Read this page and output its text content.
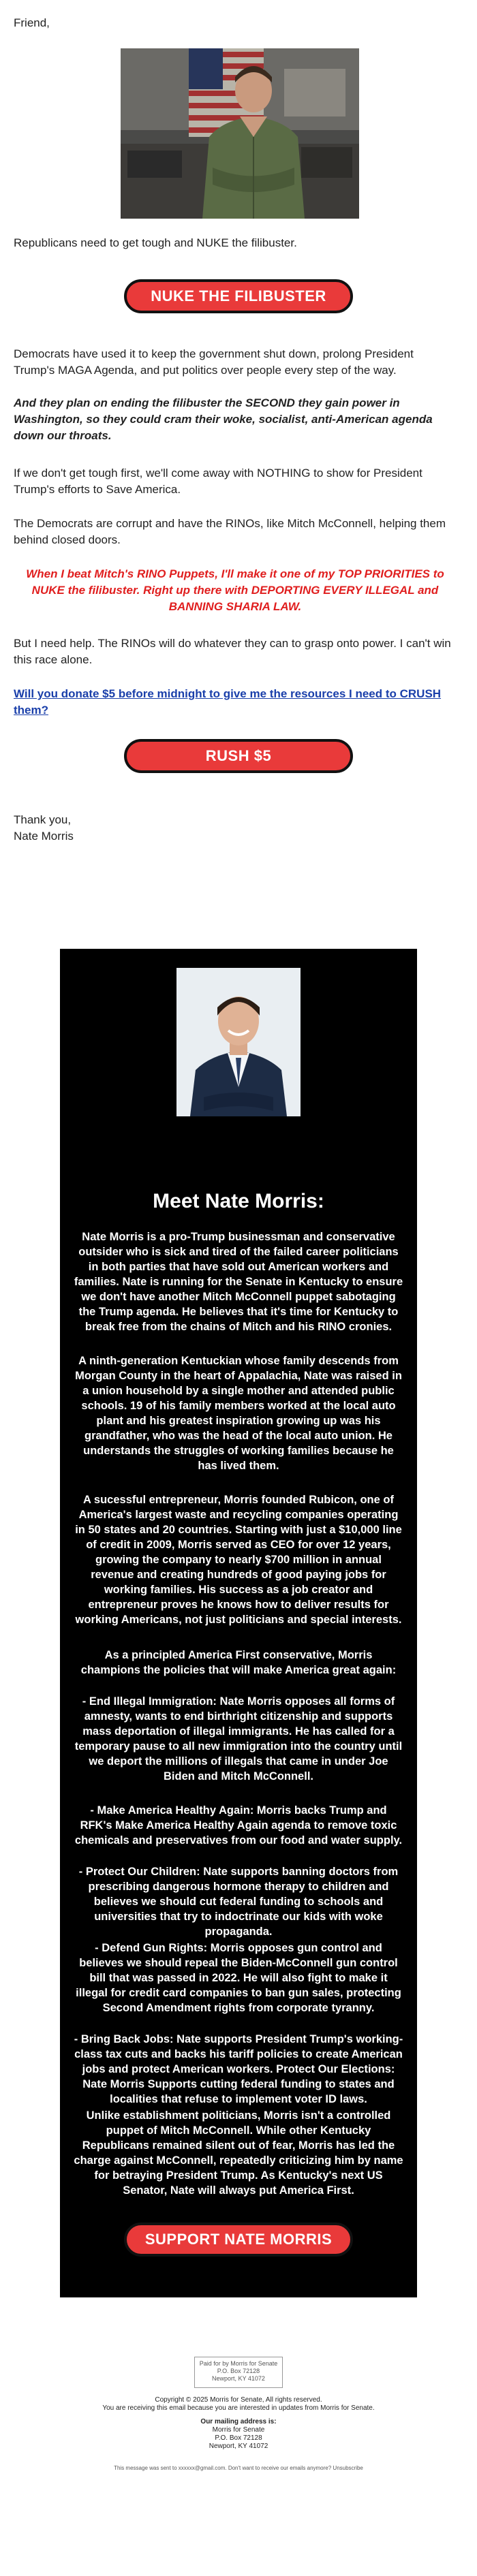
Friend,

Republicans need to get tough and NUKE the filibuster.

NUKE THE FILIBUSTER

Democrats have used it to keep the government shut down, prolong President Trump's MAGA Agenda, and put politics over people every step of the way.

And they plan on ending the filibuster the SECOND they gain power in Washington, so they could cram their woke, socialist, anti-American agenda down our throats.

If we don't get tough first, we'll come away with NOTHING to show for President Trump's efforts to Save America.

The Democrats are corrupt and have the RINOs, like Mitch McConnell, helping them behind closed doors.

When I beat Mitch's RINO Puppets, I'll make it one of my TOP PRIORITIES to NUKE the filibuster. Right up there with DEPORTING EVERY ILLEGAL and BANNING SHARIA LAW.

But I need help. The RINOs will do whatever they can to grasp onto power. I can't win this race alone.

Will you donate $5 before midnight to give me the resources I need to CRUSH them?

RUSH $5

Thank you,

Nate Morris

Meet Nate Morris:

Nate Morris is a pro-Trump businessman and conservative outsider who is sick and tired of the failed career politicians in both parties that have sold out American workers and families. Nate is running for the Senate in Kentucky to ensure we don't have another Mitch McConnell puppet sabotaging the Trump agenda. He believes that it's time for Kentucky to break free from the chains of Mitch and his RINO cronies.

A ninth-generation Kentuckian whose family descends from Morgan County in the heart of Appalachia, Nate was raised in a union household by a single mother and attended public schools. 19 of his family members worked at the local auto plant and his greatest inspiration growing up was his grandfather, who was the head of the local auto union. He understands the struggles of working families because he has lived them.

A sucessful entrepreneur, Morris founded Rubicon, one of America's largest waste and recycling companies operating in 50 states and 20 countries. Starting with just a $10,000 line of credit in 2009, Morris served as CEO for over 12 years, growing the company to nearly $700 million in annual revenue and creating hundreds of good paying jobs for working families. His success as a job creator and entrepreneur proves he knows how to deliver results for working Americans, not just politicians and special interests.

As a principled America First conservative, Morris champions the policies that will make America great again:

- End Illegal Immigration: Nate Morris opposes all forms of amnesty, wants to end birthright citizenship and supports mass deportation of illegal immigrants. He has called for a temporary pause to all new immigration into the country until we deport the millions of illegals that came in under Joe Biden and Mitch McConnell.

- Make America Healthy Again: Morris backs Trump and RFK's Make America Healthy Again agenda to remove toxic chemicals and preservatives from our food and water supply.

- Protect Our Children: Nate supports banning doctors from prescribing dangerous hormone therapy to children and believes we should cut federal funding to schools and universities that try to indoctrinate our kids with woke propaganda.

- Defend Gun Rights: Morris opposes gun control and believes we should repeal the Biden-McConnell gun control bill that was passed in 2022. He will also fight to make it illegal for credit card companies to ban gun sales, protecting Second Amendment rights from corporate tyranny.

- Bring Back Jobs: Nate supports President Trump's working-class tax cuts and backs his tariff policies to create American jobs and protect American workers. Protect Our Elections: Nate Morris Supports cutting federal funding to states and localities that refuse to implement voter ID laws.

Unlike establishment politicians, Morris isn't a controlled puppet of Mitch McConnell. While other Kentucky Republicans remained silent out of fear, Morris has led the charge against McConnell, repeatedly criticizing him by name for betraying President Trump. As Kentucky's next US Senator, Nate will always put America First.

SUPPORT NATE MORRIS
Paid for by Morris for Senate
P.O. Box 72128
Newport, KY 41072
Copyright © 2025 Morris for Senate, All rights reserved.
You are receiving this email because you are interested in updates from Morris for Senate.
Our mailing address is:
Morris for Senate
P.O. Box 72128
Newport, KY 41072
This message was sent to xxxxxx@gmail.com. Don't want to receive our emails anymore? Unsubscribe
